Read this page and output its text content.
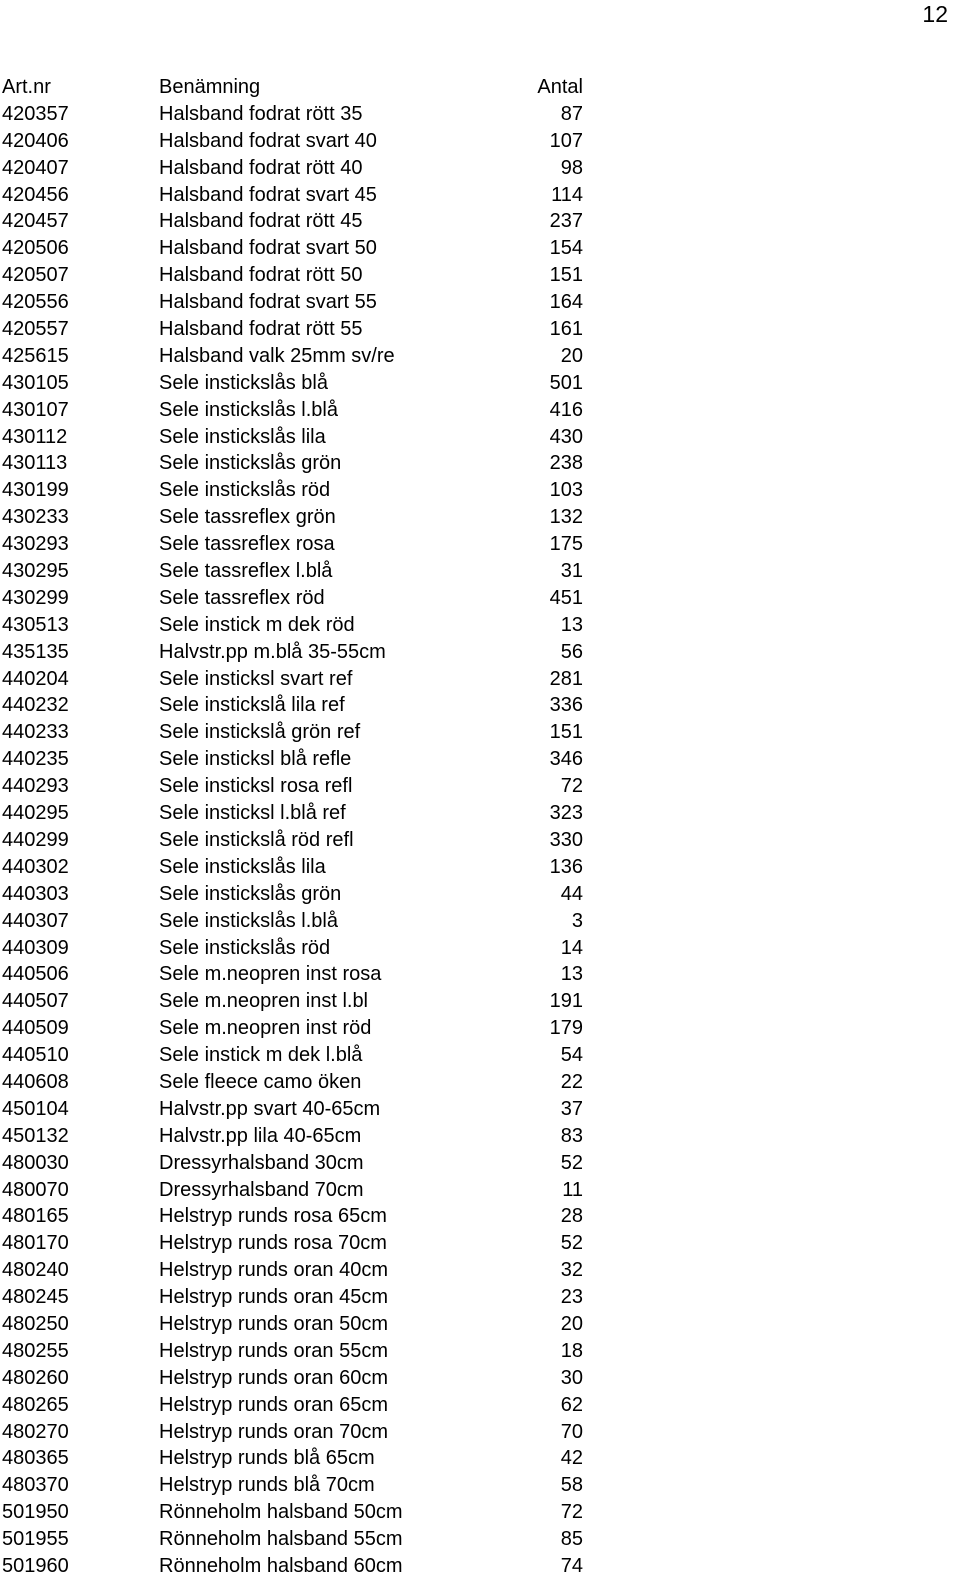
12
Art.nr	Benämning	Antal
420357	Halsband fodrat rött 35	87
420406	Halsband fodrat svart 40	107
420407	Halsband fodrat rött 40	98
420456	Halsband fodrat svart 45	114
420457	Halsband fodrat rött 45	237
420506	Halsband fodrat svart 50	154
420507	Halsband fodrat rött 50	151
420556	Halsband fodrat svart 55	164
420557	Halsband fodrat rött 55	161
425615	Halsband valk 25mm sv/re	20
430105	Sele instickslås blå	501
430107	Sele instickslås l.blå	416
430112	Sele instickslås lila	430
430113	Sele instickslås grön	238
430199	Sele instickslås röd	103
430233	Sele tassreflex grön	132
430293	Sele tassreflex rosa	175
430295	Sele tassreflex l.blå	31
430299	Sele tassreflex röd	451
430513	Sele instick m dek röd	13
435135	Halvstr.pp m.blå 35-55cm	56
440204	Sele insticksl svart ref	281
440232	Sele instickslå lila ref	336
440233	Sele instickslå grön ref	151
440235	Sele insticksl blå refle	346
440293	Sele insticksl rosa refl	72
440295	Sele insticksl l.blå ref	323
440299	Sele instickslå röd refl	330
440302	Sele instickslås lila	136
440303	Sele instickslås grön	44
440307	Sele instickslås l.blå	3
440309	Sele instickslås röd	14
440506	Sele m.neopren inst rosa	13
440507	Sele m.neopren inst l.bl	191
440509	Sele m.neopren inst röd	179
440510	Sele instick m dek l.blå	54
440608	Sele fleece camo öken	22
450104	Halvstr.pp svart 40-65cm	37
450132	Halvstr.pp lila 40-65cm	83
480030	Dressyrhalsband 30cm	52
480070	Dressyrhalsband 70cm	11
480165	Helstryp runds rosa 65cm	28
480170	Helstryp runds rosa 70cm	52
480240	Helstryp runds oran 40cm	32
480245	Helstryp runds oran 45cm	23
480250	Helstryp runds oran 50cm	20
480255	Helstryp runds oran 55cm	18
480260	Helstryp runds oran 60cm	30
480265	Helstryp runds oran 65cm	62
480270	Helstryp runds oran 70cm	70
480365	Helstryp runds blå 65cm	42
480370	Helstryp runds blå 70cm	58
501950	Rönneholm halsband 50cm	72
501955	Rönneholm halsband 55cm	85
501960	Rönneholm halsband 60cm	74
